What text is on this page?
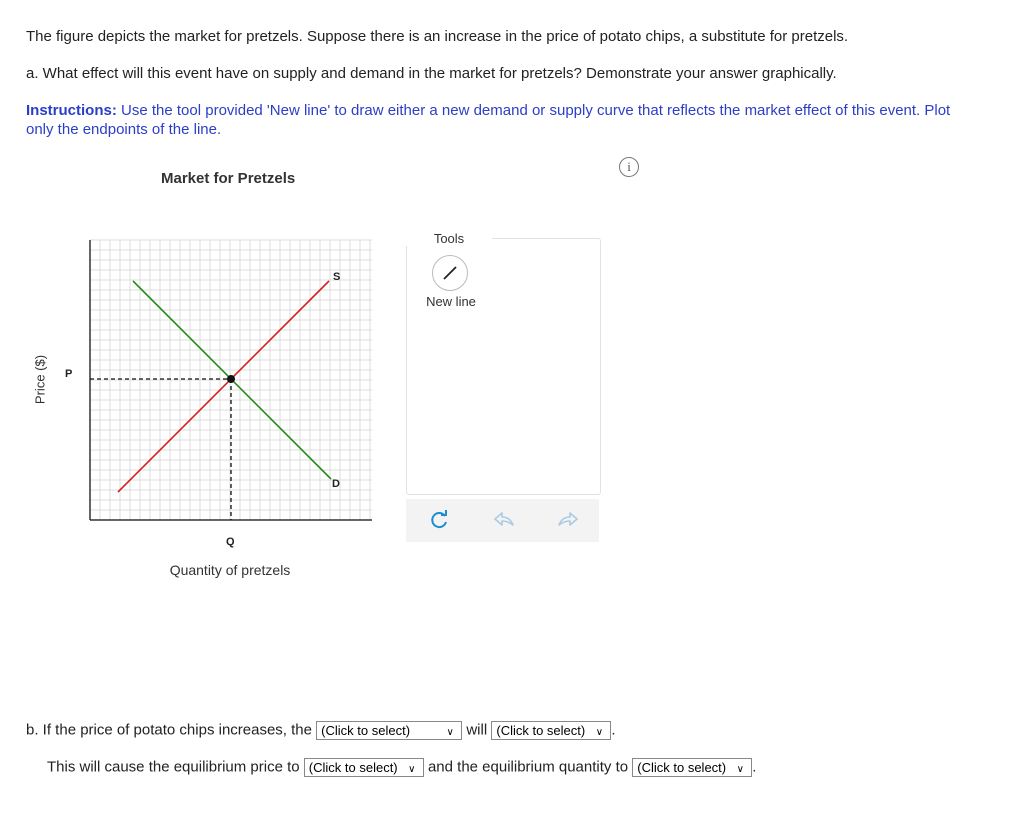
The figure depicts the market for pretzels. Suppose there is an increase in the price of potato chips, a substitute for pretzels.
a. What effect will this event have on supply and demand in the market for pretzels? Demonstrate your answer graphically.
Instructions: Use the tool provided 'New line' to draw either a new demand or supply curve that reflects the market effect of this event. Plot only the endpoints of the line.
i
Market for Pretzels
Price ($)
S
D
P
Q
Quantity of pretzels
Tools
New line
b. If the price of potato chips increases, the (Click to select)	∨ will (Click to select) ∨ .
This will cause the equilibrium price to (Click to select) ∨ and the equilibrium quantity to (Click to select) ∨ .
